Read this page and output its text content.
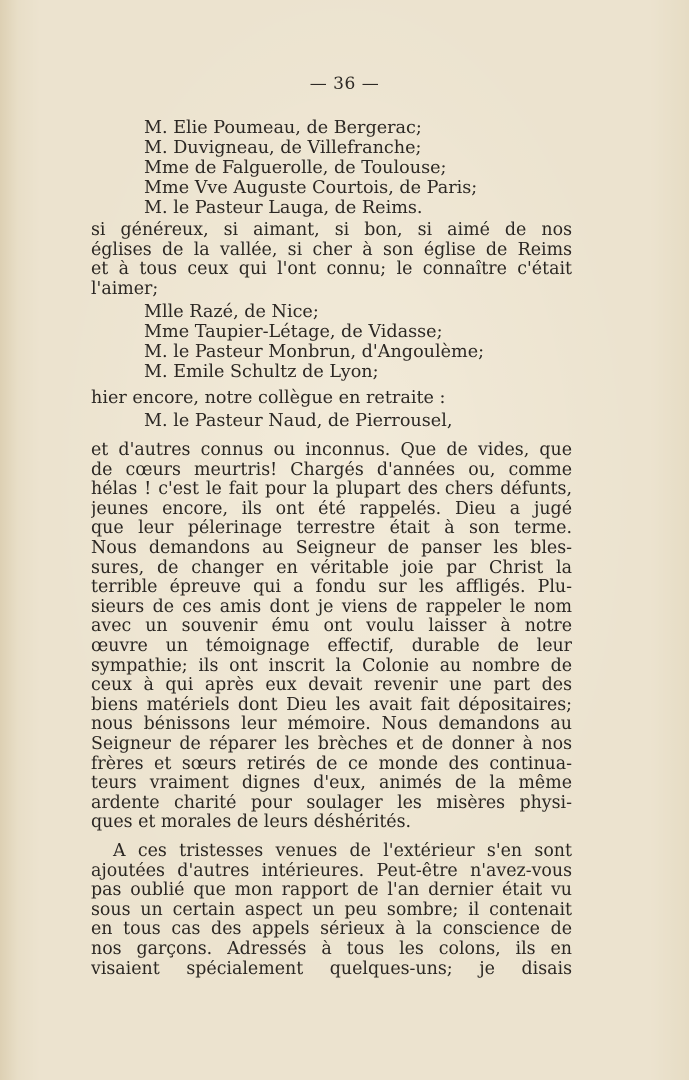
— 36 —
M. Elie Poumeau, de Bergerac;
M. Duvigneau, de Villefranche;
Mme de Falguerolle, de Toulouse;
Mme Vve Auguste Courtois, de Paris;
M. le Pasteur Lauga, de Reims.
si généreux, si aimant, si bon, si aimé de nos
églises de la vallée, si cher à son église de Reims
et à tous ceux qui l'ont connu; le connaître c'était
l'aimer;
Mlle Razé, de Nice;
Mme Taupier-Létage, de Vidasse;
M. le Pasteur Monbrun, d'Angoulème;
M. Emile Schultz de Lyon;
hier encore, notre collègue en retraite :
M. le Pasteur Naud, de Pierrousel,
et d'autres connus ou inconnus. Que de vides, que
de cœurs meurtris! Chargés d'années ou, comme
hélas ! c'est le fait pour la plupart des chers défunts,
jeunes encore, ils ont été rappelés. Dieu a jugé
que leur pélerinage terrestre était à son terme.
Nous demandons au Seigneur de panser les bles-
sures, de changer en véritable joie par Christ la
terrible épreuve qui a fondu sur les affligés. Plu-
sieurs de ces amis dont je viens de rappeler le nom
avec un souvenir ému ont voulu laisser à notre
œuvre un témoignage effectif, durable de leur
sympathie; ils ont inscrit la Colonie au nombre de
ceux à qui après eux devait revenir une part des
biens matériels dont Dieu les avait fait dépositaires;
nous bénissons leur mémoire. Nous demandons au
Seigneur de réparer les brèches et de donner à nos
frères et sœurs retirés de ce monde des continua-
teurs vraiment dignes d'eux, animés de la même
ardente charité pour soulager les misères physi-
ques et morales de leurs déshérités.
A ces tristesses venues de l'extérieur s'en sont
ajoutées d'autres intérieures. Peut-être n'avez-vous
pas oublié que mon rapport de l'an dernier était vu
sous un certain aspect un peu sombre; il contenait
en tous cas des appels sérieux à la conscience de
nos garçons. Adressés à tous les colons, ils en
visaient spécialement quelques-uns; je disais
